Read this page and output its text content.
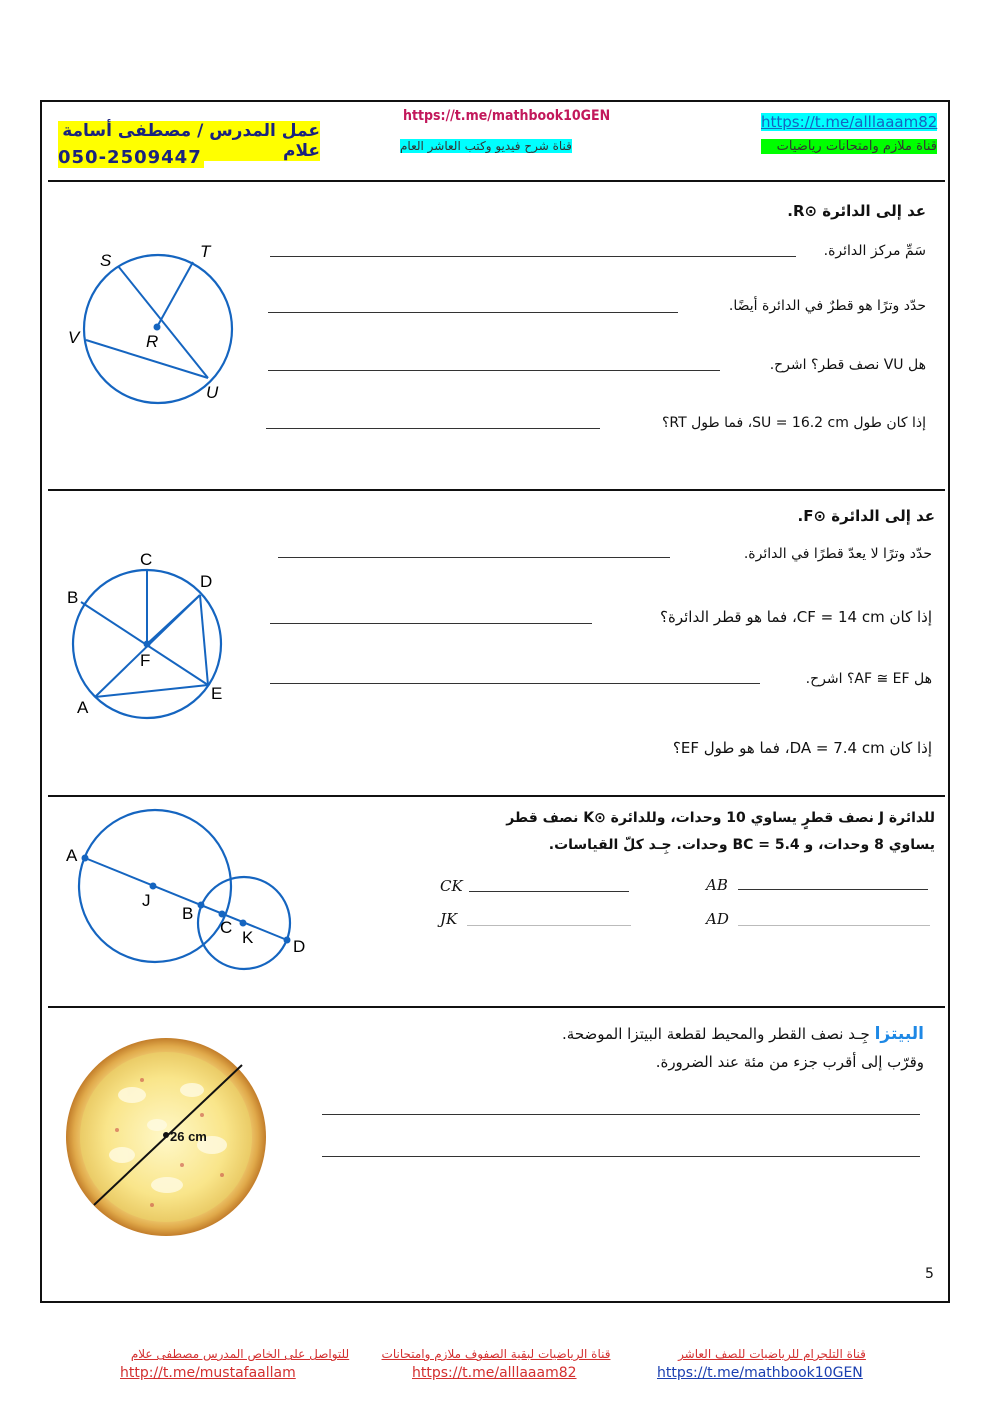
عمل المدرس / مصطفى أسامة علام
050-2509447
https://t.me/mathbook10GEN
قناة شرح فيديو وكتب العاشر العام
https://t.me/alllaaam82
قناة ملازم وامتحانات رياضيات
عد إلى الدائرة ⊙R.
S	T
V	R
U
سَمِّ مركز الدائرة.
حدّد وترًا هو قطرٌ في الدائرة أيضًا.
هل VU نصف قطر؟ اشرح.
إذا كان طول SU = 16.2 cm، فما طول RT؟
عد إلى الدائرة ⊙F.
C
D
B
F
A
E
حدّد وترًا لا يعدّ قطرًا في الدائرة.
إذا كان CF = 14 cm، فما هو قطر الدائرة؟
هل AF ≅ EF؟ اشرح.
إذا كان DA = 7.4 cm، فما هو طول EF؟
للدائرة J نصف قطرٍ يساوي 10 وحدات، وللدائرة ⊙K نصف قطر
يساوي 8 وحدات، و BC = 5.4 وحدات. جِـد كلّ القياسات.
A
J
B
C
K D
CK	AB
JK	AD
البيتزا جِـد نصف القطر والمحيط لقطعة البيتزا الموضحة.
وقرّب إلى أقرب جزء من مئة عند الضرورة.
26 cm
5
للتواصل على الخاص المدرس مصطفى علام
http://t.me/mustafaallam
قناة الرياضيات لبقية الصفوف ملازم وامتحانات
https://t.me/alllaaam82
قناة التلجرام للرياضيات للصف العاشر
https://t.me/mathbook10GEN
